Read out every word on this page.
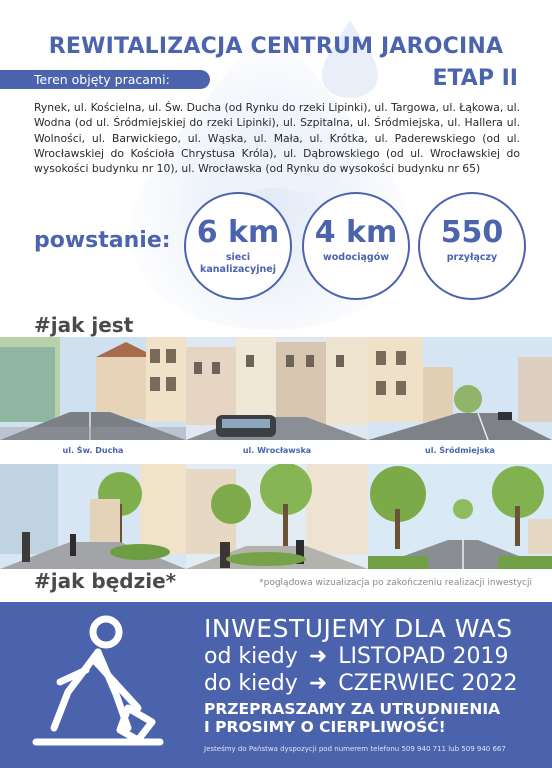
REWITALIZACJA CENTRUM JAROCINA
Teren objęty pracami:	ETAP II
Rynek, ul. Kościelna, ul. Św. Ducha (od Rynku do rzeki Lipinki), ul. Targowa, ul. Łąkowa, ul. Wodna (od ul. Śródmiejskiej do rzeki Lipinki), ul. Szpitalna, ul. Śródmiejska, ul. Hallera ul. Wolności, ul. Barwickiego, ul. Wąska, ul. Mała, ul. Krótka, ul. Paderewskiego (od ul. Wrocławskiej do Kościoła Chrystusa Króla), ul. Dąbrowskiego (od ul. Wrocławskiej do wysokości budynku nr 10), ul. Wrocławska (od Rynku do wysokości budynku nr 65)
powstanie: 6 km
sieci kanalizacyjnej
4 km
wodociągów
550
przyłączy
#jak jest
ul. Św. Ducha	ul. Wrocławska	ul. Śródmiejska
#jak będzie*	*poglądowa wizualizacja po zakończeniu realizacji inwestycji
INWESTUJEMY DLA WAS
od kiedy ➜ LISTOPAD 2019
do kiedy ➜ CZERWIEC 2022
PRZEPRASZAMY ZA UTRUDNIENIA
I PROSIMY O CIERPLIWOŚĆ!
Jesteśmy do Państwa dyspozycji pod numerem telefonu 509 940 711 lub 509 940 667
